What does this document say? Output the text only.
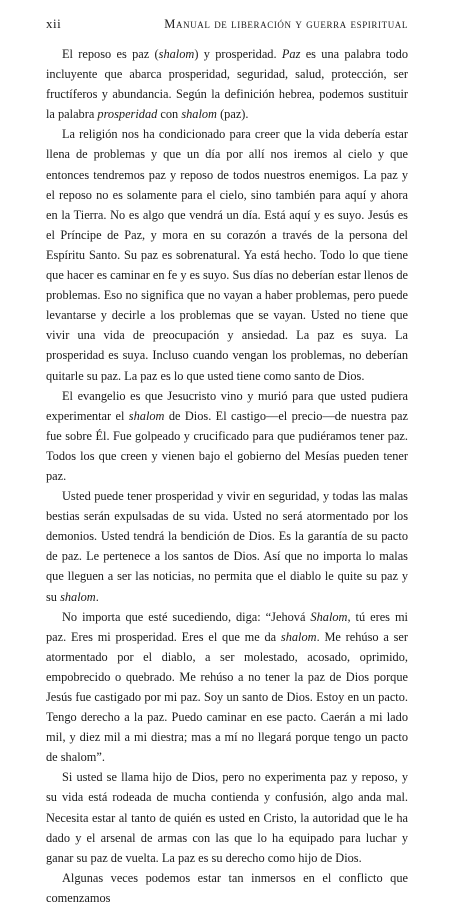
xii	Manual de liberación y guerra espiritual

El reposo es paz (shalom) y prosperidad. Paz es una palabra todo incluyente que abarca prosperidad, seguridad, salud, protección, ser fructíferos y abundancia. Según la definición hebrea, podemos sustituir la palabra prosperidad con shalom (paz).

La religión nos ha condicionado para creer que la vida debería estar llena de problemas y que un día por allí nos iremos al cielo y que entonces tendremos paz y reposo de todos nuestros enemigos. La paz y el reposo no es solamente para el cielo, sino también para aquí y ahora en la Tierra. No es algo que vendrá un día. Está aquí y es suyo. Jesús es el Príncipe de Paz, y mora en su corazón a través de la persona del Espíritu Santo. Su paz es sobrenatural. Ya está hecho. Todo lo que tiene que hacer es caminar en fe y es suyo. Sus días no deberían estar llenos de problemas. Eso no significa que no vayan a haber problemas, pero puede levantarse y decirle a los problemas que se vayan. Usted no tiene que vivir una vida de preocupación y ansiedad. La paz es suya. La prosperidad es suya. Incluso cuando vengan los problemas, no deberían quitarle su paz. La paz es lo que usted tiene como santo de Dios.

El evangelio es que Jesucristo vino y murió para que usted pudiera experimentar el shalom de Dios. El castigo—el precio—de nuestra paz fue sobre Él. Fue golpeado y crucificado para que pudiéramos tener paz. Todos los que creen y vienen bajo el gobierno del Mesías pueden tener paz.

Usted puede tener prosperidad y vivir en seguridad, y todas las malas bestias serán expulsadas de su vida. Usted no será atormentado por los demonios. Usted tendrá la bendición de Dios. Es la garantía de su pacto de paz. Le pertenece a los santos de Dios. Así que no importa lo malas que lleguen a ser las noticias, no permita que el diablo le quite su paz y su shalom.

No importa que esté sucediendo, diga: “Jehová Shalom, tú eres mi paz. Eres mi prosperidad. Eres el que me da shalom. Me rehúso a ser atormentado por el diablo, a ser molestado, acosado, oprimido, empobrecido o quebrado. Me rehúso a no tener la paz de Dios porque Jesús fue castigado por mi paz. Soy un santo de Dios. Estoy en un pacto. Tengo derecho a la paz. Puedo caminar en ese pacto. Caerán a mi lado mil, y diez mil a mi diestra; mas a mí no llegará porque tengo un pacto de shalom”.

Si usted se llama hijo de Dios, pero no experimenta paz y reposo, y su vida está rodeada de mucha contienda y confusión, algo anda mal. Necesita estar al tanto de quién es usted en Cristo, la autoridad que le ha dado y el arsenal de armas con las que lo ha equipado para luchar y ganar su paz de vuelta. La paz es su derecho como hijo de Dios.

Algunas veces podemos estar tan inmersos en el conflicto que comenzamos
